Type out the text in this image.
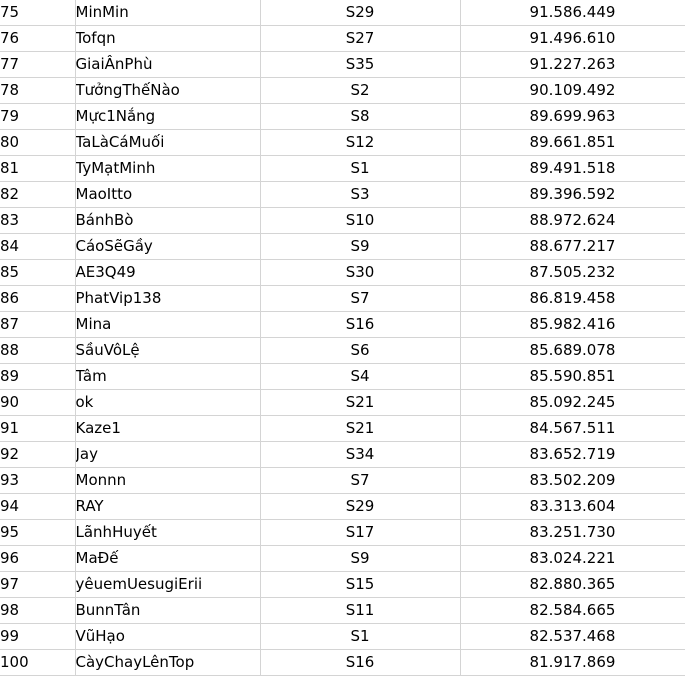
75	MinMin	S29	91.586.449
76	Tofqn	S27	91.496.610
77	GiaiÂnPhù	S35	91.227.263
78	TưởngThếNào	S2	90.109.492
79	Mực1Nắng	S8	89.699.963
80	TaLàCáMuối	S12	89.661.851
81	TyMạtMinh	S1	89.491.518
82	MaoItto	S3	89.396.592
83	BánhBò	S10	88.972.624
84	CáoSẽGầy	S9	88.677.217
85	AE3Q49	S30	87.505.232
86	PhatVip138	S7	86.819.458
87	Mina	S16	85.982.416
88	SầuVôLệ	S6	85.689.078
89	Tâm	S4	85.590.851
90	ok	S21	85.092.245
91	Kaze1	S21	84.567.511
92	Jay	S34	83.652.719
93	Monnn	S7	83.502.209
94	RAY	S29	83.313.604
95	LãnhHuyết	S17	83.251.730
96	MaĐế	S9	83.024.221
97	yêuemUesugiErii	S15	82.880.365
98	BunnTân	S11	82.584.665
99	VũHạo	S1	82.537.468
100	CàyChayLênTop	S16	81.917.869
